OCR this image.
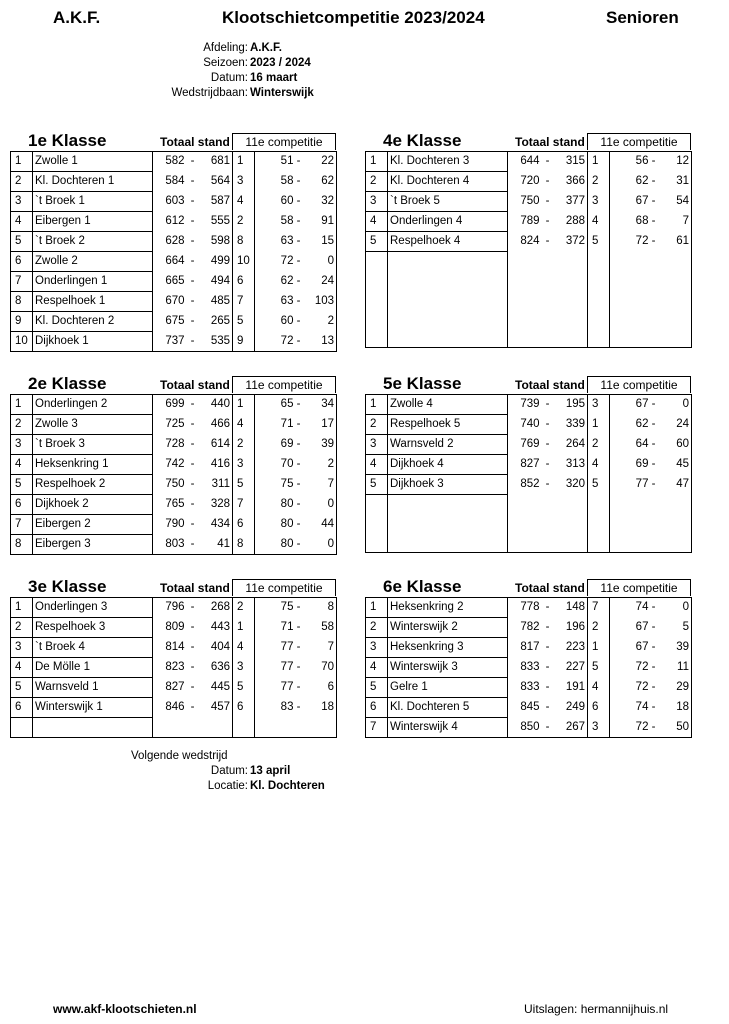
A.K.F.	Klootschietcompetitie 2023/2024	Senioren
Afdeling: A.K.F.
Seizoen: 2023 / 2024
Datum: 16 maart
Wedstrijdbaan: Winterswijk
1e Klasse	Totaal stand	11e competitie
1	Zwolle 1	582	-	681	1	51 -	22
2	Kl. Dochteren 1	584	-	564	3	58 -	62
3	`t Broek 1	603	-	587	4	60 -	32
4	Eibergen 1	612	-	555	2	58 -	91
5	`t Broek 2	628	-	598	8	63 -	15
6	Zwolle 2	664	-	499	10	72 -	0
7	Onderlingen 1	665	-	494	6	62 -	24
8	Respelhoek 1	670	-	485	7	63 -	103
9	Kl. Dochteren 2	675	-	265	5	60 -	2
10	Dijkhoek 1	737	-	535	9	72 -	13
4e Klasse	Totaal stand	11e competitie
1	Kl. Dochteren 3	644	-	315	1	56 -	12
2	Kl. Dochteren 4	720	-	366	2	62 -	31
3	`t Broek 5	750	-	377	3	67 -	54
4	Onderlingen 4	789	-	288	4	68 -	7
5	Respelhoek 4	824	-	372	5	72 -	61

2e Klasse	Totaal stand	11e competitie
1	Onderlingen 2	699	-	440	1	65 -	34
2	Zwolle 3	725	-	466	4	71 -	17
3	`t Broek 3	728	-	614	2	69 -	39
4	Heksenkring 1	742	-	416	3	70 -	2
5	Respelhoek 2	750	-	311	5	75 -	7
6	Dijkhoek 2	765	-	328	7	80 -	0
7	Eibergen 2	790	-	434	6	80 -	44
8	Eibergen 3	803	-	41	8	80 -	0
5e Klasse	Totaal stand	11e competitie
1	Zwolle 4	739	-	195	3	67 -	0
2	Respelhoek 5	740	-	339	1	62 -	24
3	Warnsveld 2	769	-	264	2	64 -	60
4	Dijkhoek 4	827	-	313	4	69 -	45
5	Dijkhoek 3	852	-	320	5	77 -	47

3e Klasse	Totaal stand	11e competitie
1	Onderlingen 3	796	-	268	2	75 -	8
2	Respelhoek 3	809	-	443	1	71 -	58
3	`t Broek 4	814	-	404	4	77 -	7
4	De Mölle 1	823	-	636	3	77 -	70
5	Warnsveld 1	827	-	445	5	77 -	6
6	Winterswijk 1	846	-	457	6	83 -	18

6e Klasse	Totaal stand	11e competitie
1	Heksenkring 2	778	-	148	7	74 -	0
2	Winterswijk 2	782	-	196	2	67 -	5
3	Heksenkring 3	817	-	223	1	67 -	39
4	Winterswijk 3	833	-	227	5	72 -	11
5	Gelre 1	833	-	191	4	72 -	29
6	Kl. Dochteren 5	845	-	249	6	74 -	18
7	Winterswijk 4	850	-	267	3	72 -	50
Volgende wedstrijd
Datum: 13 april
Locatie: Kl. Dochteren
www.akf-klootschieten.nl	Uitslagen: hermannijhuis.nl
